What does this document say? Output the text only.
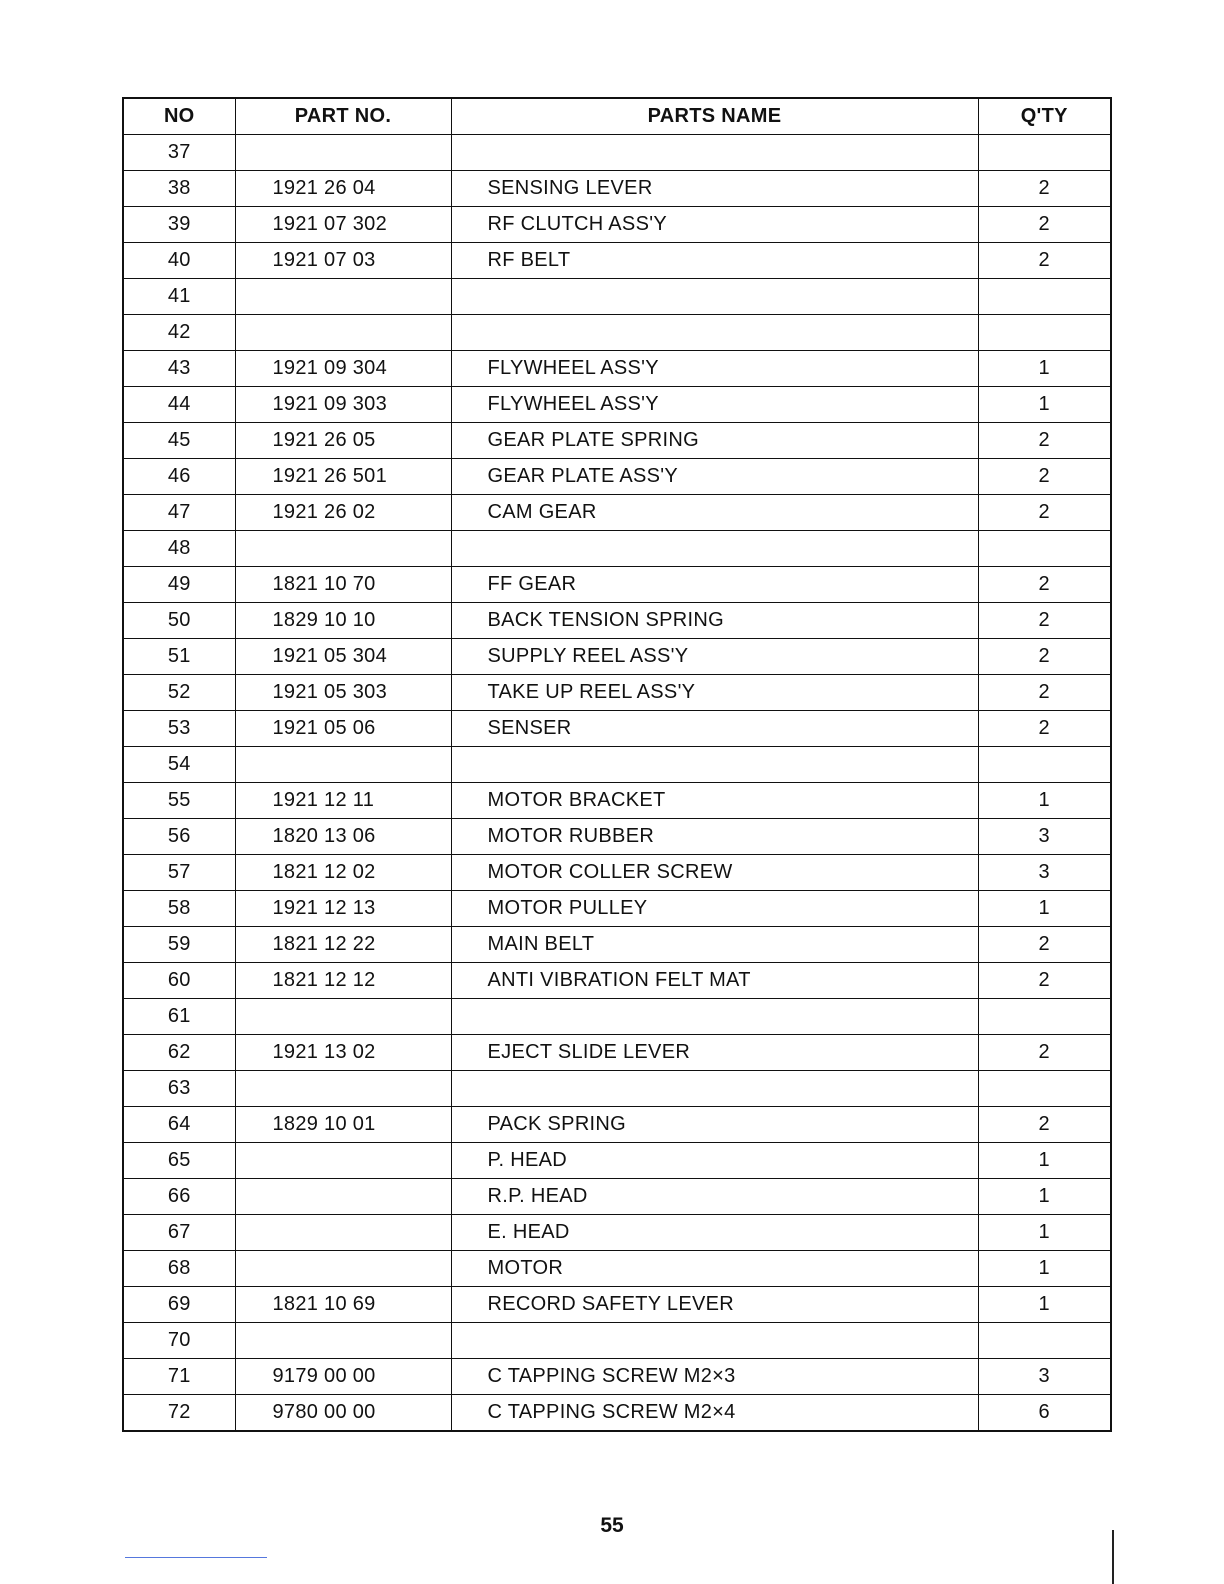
NO	PART NO.	PARTS NAME	Q'TY
37			
38	1921 26 04	SENSING LEVER	2
39	1921 07 302	RF CLUTCH ASS'Y	2
40	1921 07 03	RF BELT	2
41			
42			
43	1921 09 304	FLYWHEEL ASS'Y	1
44	1921 09 303	FLYWHEEL ASS'Y	1
45	1921 26 05	GEAR PLATE SPRING	2
46	1921 26 501	GEAR PLATE ASS'Y	2
47	1921 26 02	CAM GEAR	2
48			
49	1821 10 70	FF GEAR	2
50	1829 10 10	BACK TENSION SPRING	2
51	1921 05 304	SUPPLY REEL ASS'Y	2
52	1921 05 303	TAKE UP REEL ASS'Y	2
53	1921 05 06	SENSER	2
54			
55	1921 12 11	MOTOR BRACKET	1
56	1820 13 06	MOTOR RUBBER	3
57	1821 12 02	MOTOR COLLER SCREW	3
58	1921 12 13	MOTOR PULLEY	1
59	1821 12 22	MAIN BELT	2
60	1821 12 12	ANTI VIBRATION FELT MAT	2
61			
62	1921 13 02	EJECT SLIDE LEVER	2
63			
64	1829 10 01	PACK SPRING	2
65		P. HEAD	1
66		R.P. HEAD	1
67		E. HEAD	1
68		MOTOR	1
69	1821 10 69	RECORD SAFETY LEVER	1
70			
71	9179 00 00	C TAPPING SCREW M2×3	3
72	9780 00 00	C TAPPING SCREW M2×4	6
55
